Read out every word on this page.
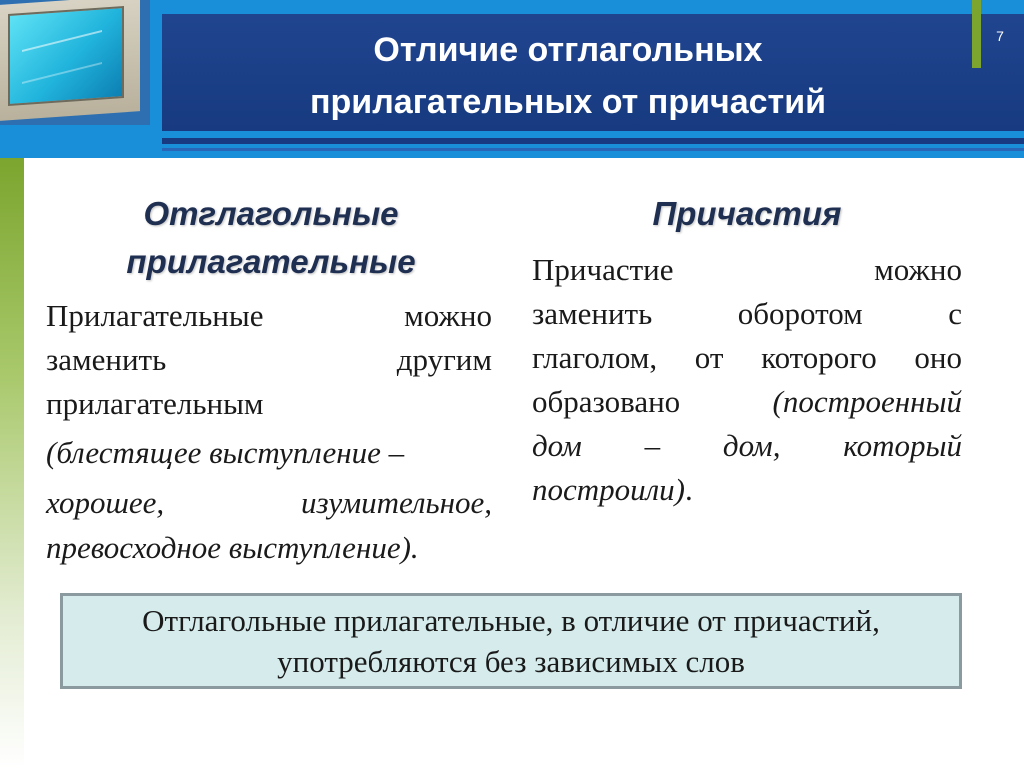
7
Отличие отглагольных
прилагательных от причастий
Отглагольные
прилагательные
Прилагательные можно
заменить другим
прилагательным
(блестящее выступление –
хорошее, изумительное,
превосходное выступление).
Причастия
Причастие можно
заменить оборотом с
глаголом, от которого оно
образовано (построенный
дом – дом, который
построили).

Отглагольные прилагательные, в отличие от причастий,
употребляются без зависимых слов
